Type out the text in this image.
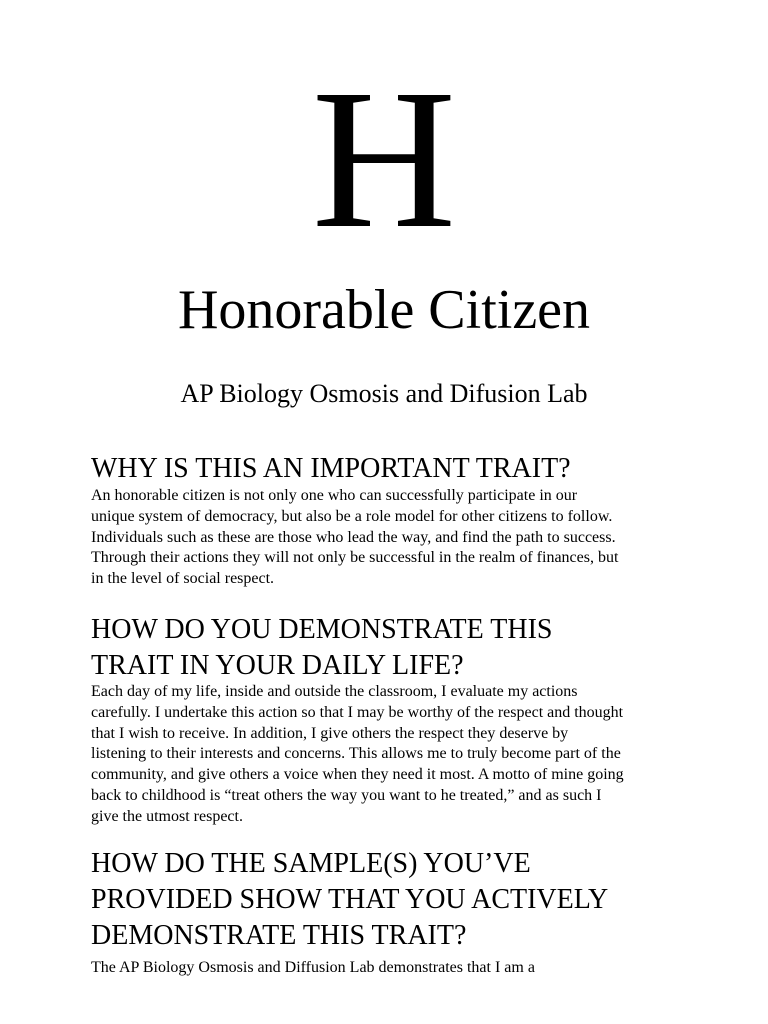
H
Honorable Citizen
AP Biology Osmosis and Difusion Lab
WHY IS THIS AN IMPORTANT TRAIT?

An honorable citizen is not only one who can successfully participate in our
unique system of democracy, but also be a role model for other citizens to follow.
Individuals such as these are those who lead the way, and find the path to success.
Through their actions they will not only be successful in the realm of finances, but
in the level of social respect.

HOW DO YOU DEMONSTRATE THIS
TRAIT IN YOUR DAILY LIFE?

Each day of my life, inside and outside the classroom, I evaluate my actions
carefully. I undertake this action so that I may be worthy of the respect and thought
that I wish to receive. In addition, I give others the respect they deserve by
listening to their interests and concerns. This allows me to truly become part of the
community, and give others a voice when they need it most. A motto of mine going
back to childhood is “treat others the way you want to he treated,” and as such I
give the utmost respect.

HOW DO THE SAMPLE(S) YOU’VE
PROVIDED SHOW THAT YOU ACTIVELY
DEMONSTRATE THIS TRAIT?

The AP Biology Osmosis and Diffusion Lab demonstrates that I am a
